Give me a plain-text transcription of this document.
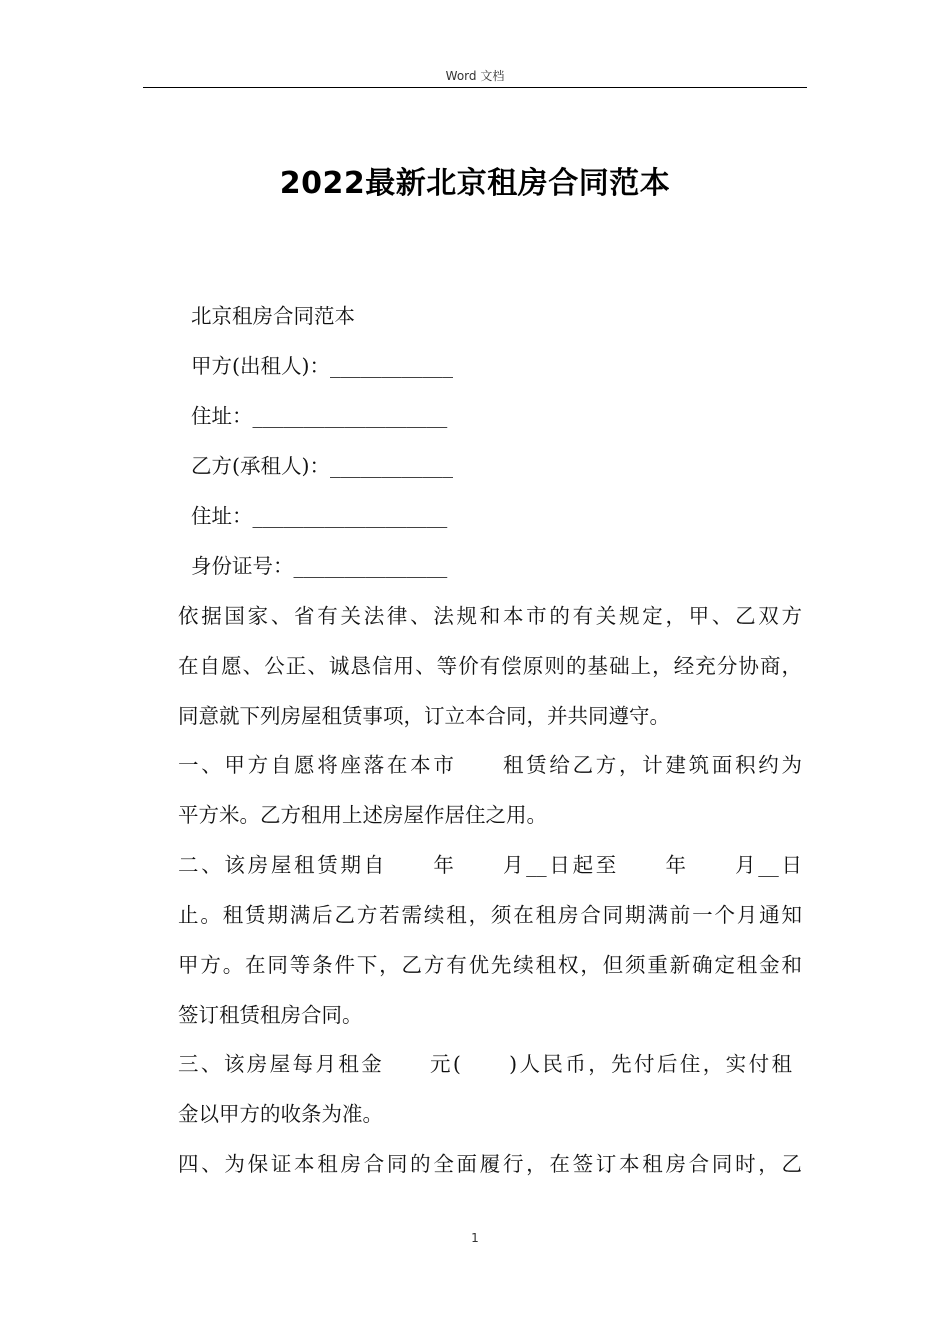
Word 文档
2022最新北京租房合同范本
北京租房合同范本
甲方(出租人)：____________
住址：___________________
乙方(承租人)：____________
住址：___________________
身份证号：_______________
依据国家、省有关法律、法规和本市的有关规定，甲、乙双方
在自愿、公正、诚恳信用、等价有偿原则的基础上，经充分协商，
同意就下列房屋租赁事项，订立本合同，并共同遵守。
一、甲方自愿将座落在本市　　租赁给乙方，计建筑面积约为
平方米。乙方租用上述房屋作居住之用。
二、该房屋租赁期自　　年　　月__日起至　　年　　月__日
止。租赁期满后乙方若需续租，须在租房合同期满前一个月通知
甲方。在同等条件下，乙方有优先续租权，但须重新确定租金和
签订租赁租房合同。
三、该房屋每月租金　　元(　　)人民币，先付后住，实付租
金以甲方的收条为准。
四、为保证本租房合同的全面履行，在签订本租房合同时，乙
1
